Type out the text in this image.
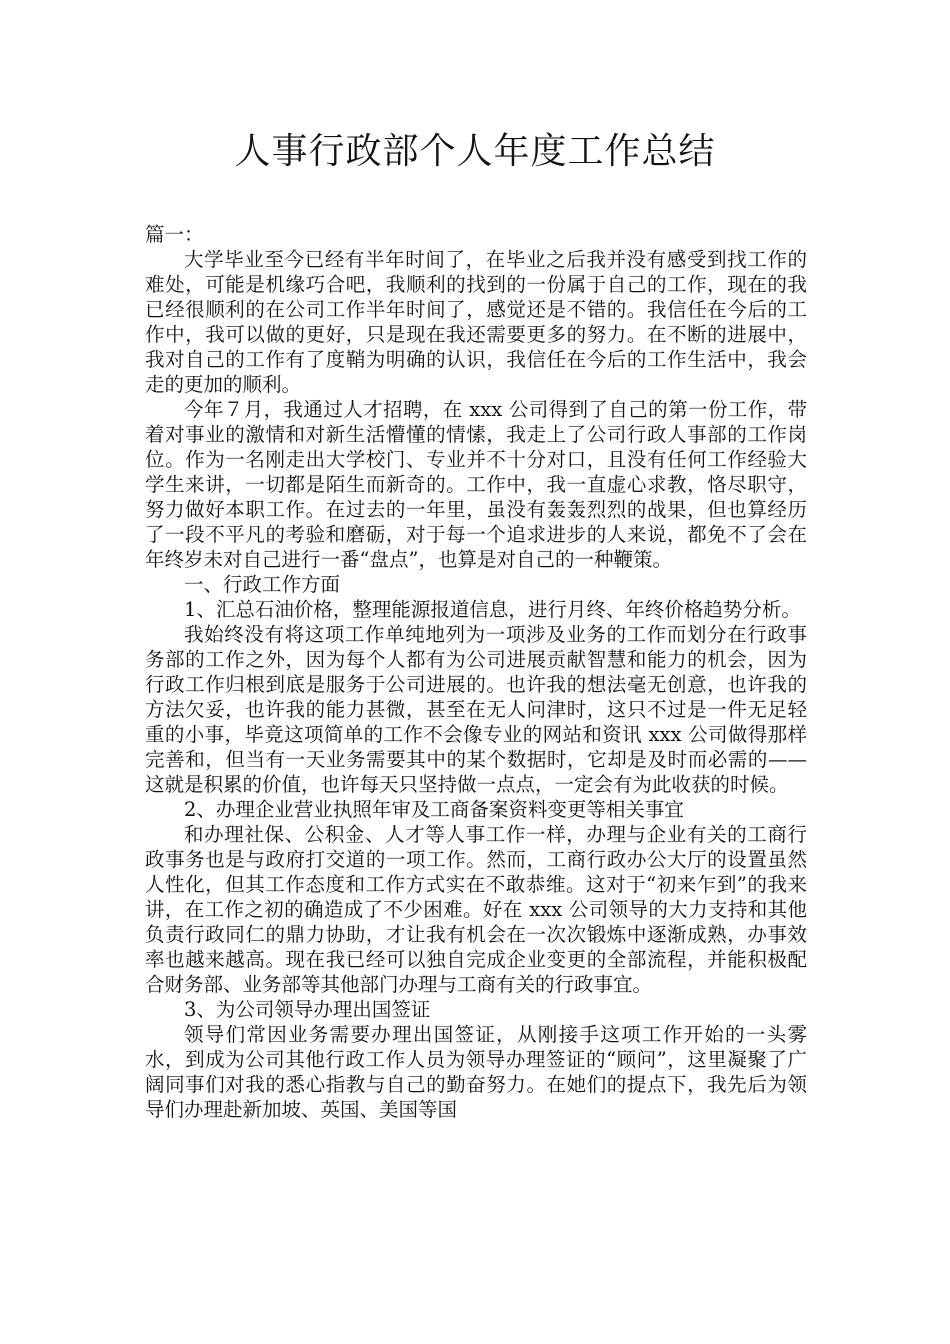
人事行政部个人年度工作总结

篇一：

大学毕业至今已经有半年时间了，在毕业之后我并没有感受到找工作的难处，可能是机缘巧合吧，我顺利的找到的一份属于自己的工作，现在的我已经很顺利的在公司工作半年时间了，感觉还是不错的。我信任在今后的工作中，我可以做的更好，只是现在我还需要更多的努力。在不断的进展中，我对自己的工作有了度鞘为明确的认识，我信任在今后的工作生活中，我会走的更加的顺利。

今年７月，我通过人才招聘，在 xxx 公司得到了自己的第一份工作，带着对事业的激情和对新生活懵懂的情愫，我走上了公司行政人事部的工作岗位。作为一名刚走出大学校门、专业并不十分对口，且没有任何工作经验大学生来讲，一切都是陌生而新奇的。工作中，我一直虚心求教，恪尽职守，努力做好本职工作。在过去的一年里，虽没有轰轰烈烈的战果，但也算经历了一段不平凡的考验和磨砺，对于每一个追求进步的人来说，都免不了会在年终岁未对自己进行一番“盘点”，也算是对自己的一种鞭策。

一、行政工作方面

1、汇总石油价格，整理能源报道信息，进行月终、年终价格趋势分析。

我始终没有将这项工作单纯地列为一项涉及业务的工作而划分在行政事务部的工作之外，因为每个人都有为公司进展贡献智慧和能力的机会，因为行政工作归根到底是服务于公司进展的。也许我的想法毫无创意，也许我的方法欠妥，也许我的能力甚微，甚至在无人问津时，这只不过是一件无足轻重的小事，毕竟这项简单的工作不会像专业的网站和资讯 xxx 公司做得那样完善和，但当有一天业务需要其中的某个数据时，它却是及时而必需的——这就是积累的价值，也许每天只坚持做一点点，一定会有为此收获的时候。

2、办理企业营业执照年审及工商备案资料变更等相关事宜

和办理社保、公积金、人才等人事工作一样，办理与企业有关的工商行政事务也是与政府打交道的一项工作。然而，工商行政办公大厅的设置虽然人性化，但其工作态度和工作方式实在不敢恭维。这对于“初来乍到”的我来讲，在工作之初的确造成了不少困难。好在 xxx 公司领导的大力支持和其他负责行政同仁的鼎力协助，才让我有机会在一次次锻炼中逐渐成熟，办事效率也越来越高。现在我已经可以独自完成企业变更的全部流程，并能积极配合财务部、业务部等其他部门办理与工商有关的行政事宜。

3、为公司领导办理出国签证

领导们常因业务需要办理出国签证，从刚接手这项工作开始的一头雾水，到成为公司其他行政工作人员为领导办理签证的“顾问”，这里凝聚了广阔同事们对我的悉心指教与自己的勤奋努力。在她们的提点下，我先后为领导们办理赴新加坡、英国、美国等国
